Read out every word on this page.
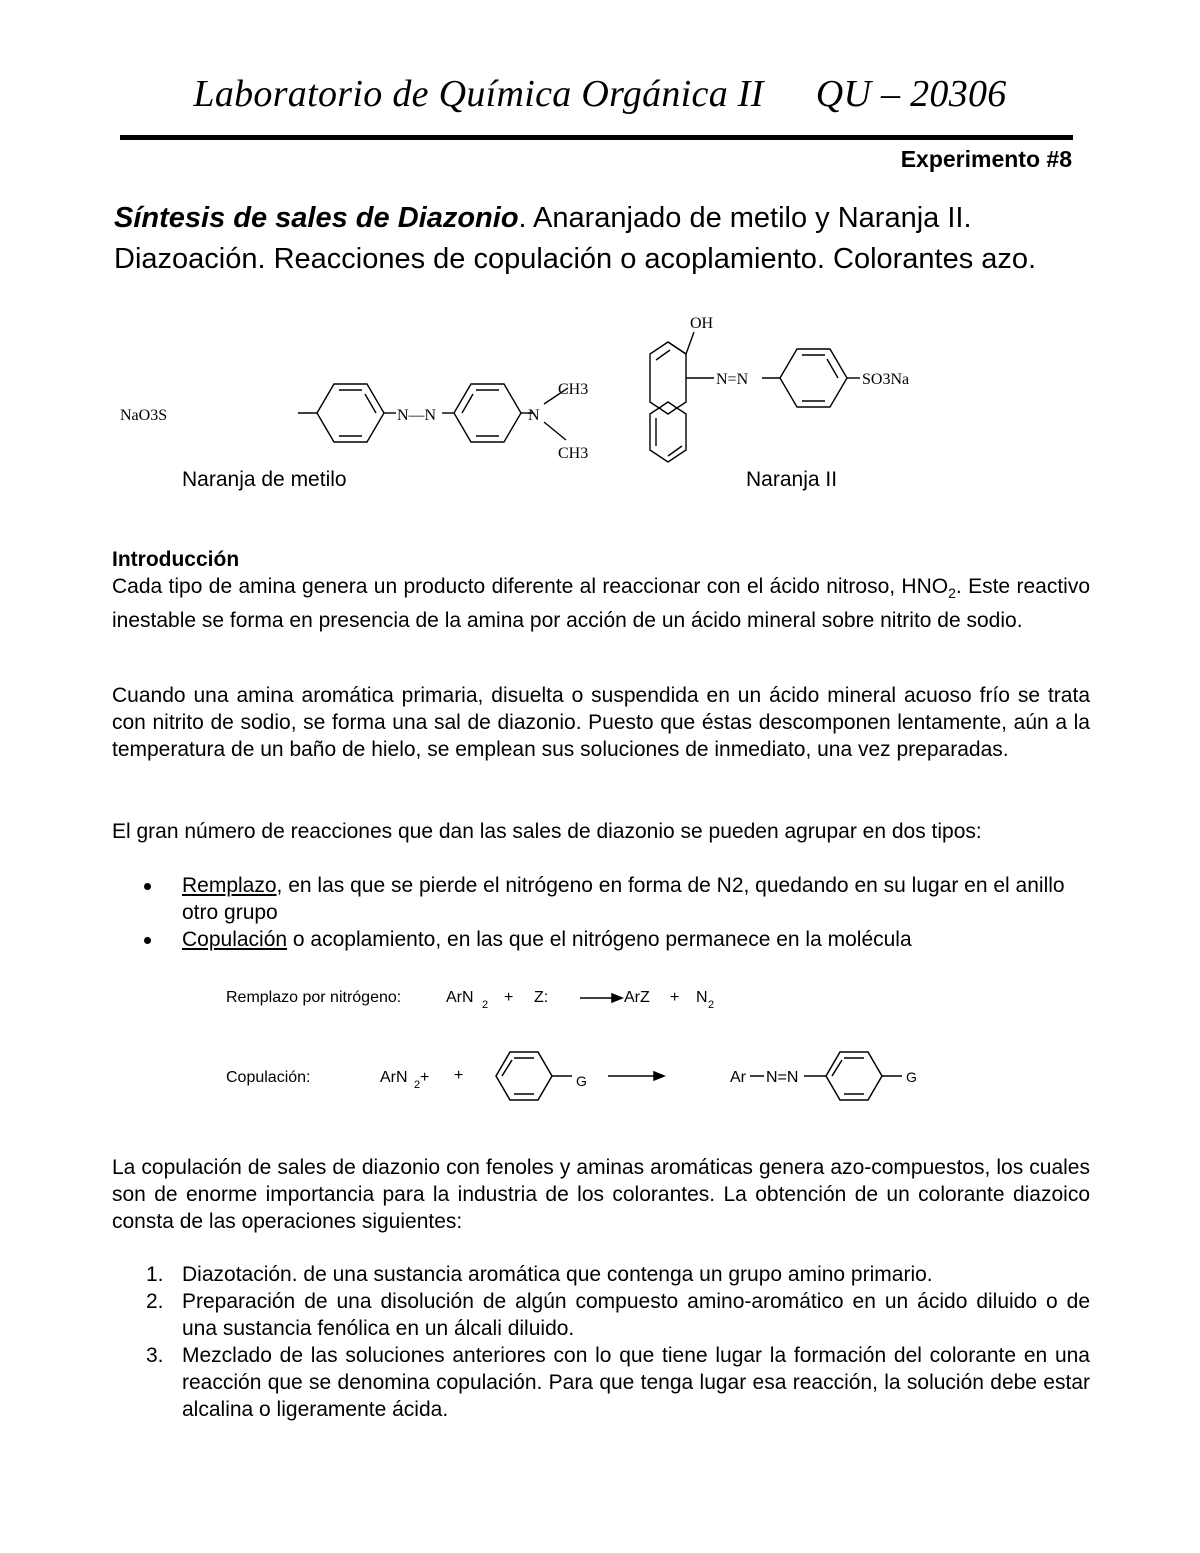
Laboratorio de Química Orgánica II QU – 20306
Experimento #8
Síntesis de sales de Diazonio. Anaranjado de metilo y Naranja II. Diazoación. Reacciones de copulación o acoplamiento. Colorantes azo.
NaO3S	N—N	N
CH3
CH3
OH
N=N	SO3Na
Naranja de metilo	Naranja II
Introducción
Cada tipo de amina genera un producto diferente al reaccionar con el ácido nitroso, $HNO_2$. Este reactivo inestable se forma en presencia de la amina por acción de un ácido mineral sobre nitrito de sodio.
Cuando una amina aromática primaria, disuelta o suspendida en un ácido mineral acuoso frío se trata con nitrito de sodio, se forma una sal de diazonio. Puesto que éstas descomponen lentamente, aún a la temperatura de un baño de hielo, se emplean sus soluciones de inmediato, una vez preparadas.
El gran número de reacciones que dan las sales de diazonio se pueden agrupar en dos tipos:
Remplazo, en las que se pierde el nitrógeno en forma de N2, quedando en su lugar en el anillo otro grupo
Copulación o acoplamiento, en las que el nitrógeno permanece en la molécula
Remplazo por nitrógeno:	ArN 2 + Z:	ArZ + N 2
Copulación:	ArN 2 + +	G	Ar N=N	G
La copulación de sales de diazonio con fenoles y aminas aromáticas genera azo-compuestos, los cuales son de enorme importancia para la industria de los colorantes. La obtención de un colorante diazoico consta de las operaciones siguientes:
1. Diazotación. de una sustancia aromática que contenga un grupo amino primario.
2. Preparación de una disolución de algún compuesto amino-aromático en un ácido diluido o de una sustancia fenólica en un álcali diluido.
3. Mezclado de las soluciones anteriores con lo que tiene lugar la formación del colorante en una reacción que se denomina copulación. Para que tenga lugar esa reacción, la solución debe estar alcalina o ligeramente ácida.
